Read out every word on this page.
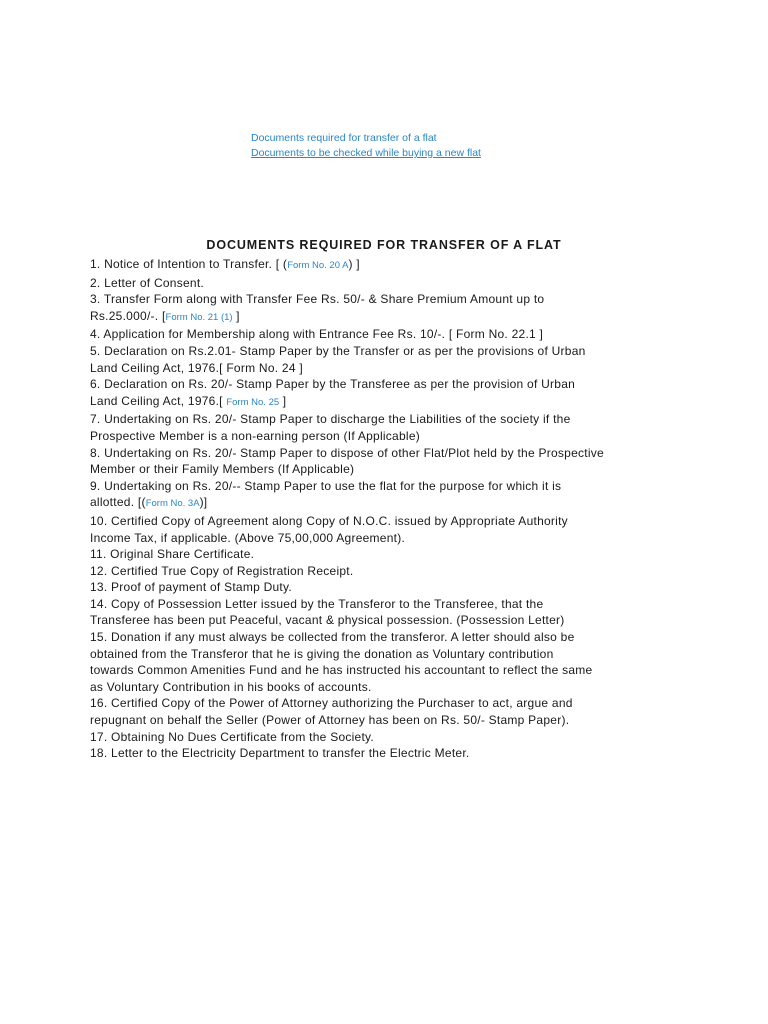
Documents required for transfer of a flat
Documents to be checked while buying a new flat
DOCUMENTS REQUIRED FOR TRANSFER OF A FLAT

1. Notice of Intention to Transfer. [ (Form No. 20 A) ]

2. Letter of Consent.

3. Transfer Form along with Transfer Fee Rs. 50/- & Share Premium Amount up to
Rs.25.000/-. [Form No. 21 (1) ]

4. Application for Membership along with Entrance Fee Rs. 10/-. [ Form No. 22.1 ]

5. Declaration on Rs.2.01- Stamp Paper by the Transfer or as per the provisions of Urban
Land Ceiling Act, 1976.[ Form No. 24 ]

6. Declaration on Rs. 20/- Stamp Paper by the Transferee as per the provision of Urban
Land Ceiling Act, 1976.[ Form No. 25 ]

7. Undertaking on Rs. 20/- Stamp Paper to discharge the Liabilities of the society if the
Prospective Member is a non-earning person (If Applicable)

8. Undertaking on Rs. 20/- Stamp Paper to dispose of other Flat/Plot held by the Prospective
Member or their Family Members (If Applicable)

9. Undertaking on Rs. 20/-- Stamp Paper to use the flat for the purpose for which it is
allotted. [(Form No. 3A)]

10. Certified Copy of Agreement along Copy of N.O.C. issued by Appropriate Authority
Income Tax, if applicable. (Above 75,00,000 Agreement).

11. Original Share Certificate.

12. Certified True Copy of Registration Receipt.

13. Proof of payment of Stamp Duty.

14. Copy of Possession Letter issued by the Transferor to the Transferee, that the
Transferee has been put Peaceful, vacant & physical possession. (Possession Letter)

15. Donation if any must always be collected from the transferor. A letter should also be
obtained from the Transferor that he is giving the donation as Voluntary contribution
towards Common Amenities Fund and he has instructed his accountant to reflect the same
as Voluntary Contribution in his books of accounts.

16. Certified Copy of the Power of Attorney authorizing the Purchaser to act, argue and
repugnant on behalf the Seller (Power of Attorney has been on Rs. 50/- Stamp Paper).

17. Obtaining No Dues Certificate from the Society.

18. Letter to the Electricity Department to transfer the Electric Meter.
